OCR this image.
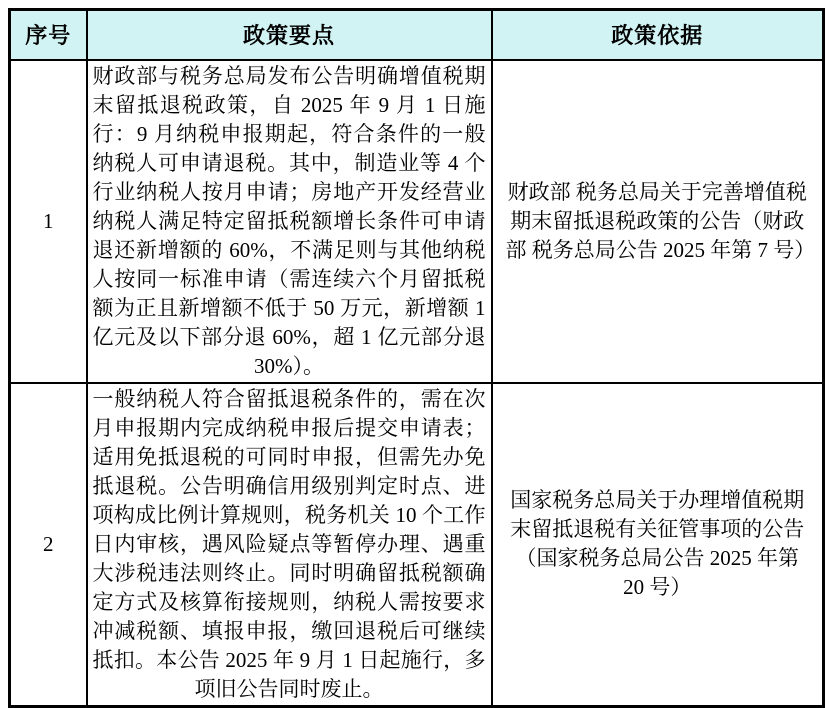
序号	政策要点	政策依据
1	财政部与税务总局发布公告明确增值税期末留抵退税政策，自 2025 年 9 月 1 日施行：9 月纳税申报期起，符合条件的一般纳税人可申请退税。其中，制造业等 4 个行业纳税人按月申请；房地产开发经营业纳税人满足特定留抵税额增长条件可申请退还新增额的 60%，不满足则与其他纳税人按同一标准申请（需连续六个月留抵税额为正且新增额不低于 50 万元，新增额 1 亿元及以下部分退 60%，超 1 亿元部分退 30%）。	财政部 税务总局关于完善增值税期末留抵退税政策的公告（财政部 税务总局公告 2025 年第 7 号）
2	一般纳税人符合留抵退税条件的，需在次月申报期内完成纳税申报后提交申请表；适用免抵退税的可同时申报，但需先办免抵退税。公告明确信用级别判定时点、进项构成比例计算规则，税务机关 10 个工作日内审核，遇风险疑点等暂停办理、遇重大涉税违法则终止。同时明确留抵税额确定方式及核算衔接规则，纳税人需按要求冲减税额、填报申报，缴回退税后可继续抵扣。本公告 2025 年 9 月 1 日起施行，多项旧公告同时废止。	国家税务总局关于办理增值税期末留抵退税有关征管事项的公告（国家税务总局公告 2025 年第 20 号）
